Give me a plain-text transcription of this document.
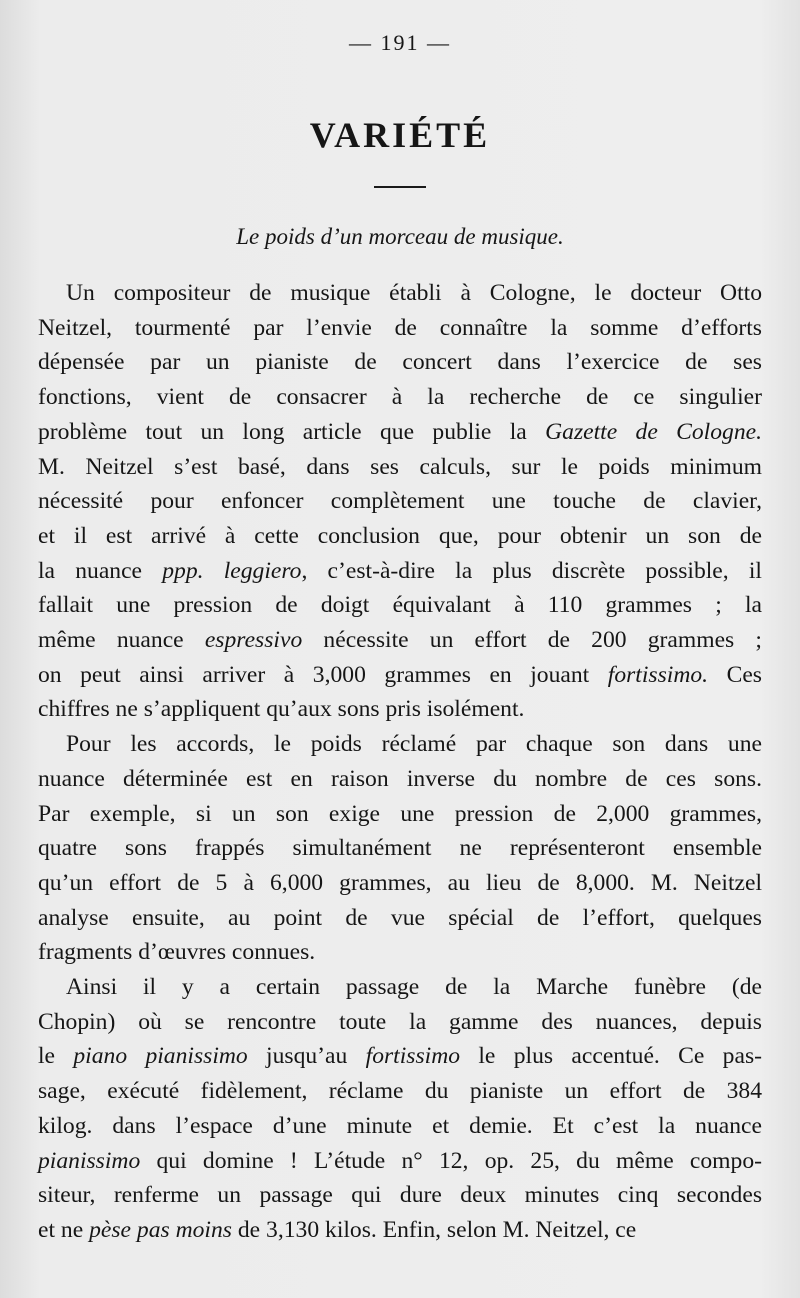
— 191 —
VARIÉTÉ
Le poids d’un morceau de musique.
Un compositeur de musique établi à Cologne, le docteur Otto
Neitzel, tourmenté par l’envie de connaître la somme d’efforts
dépensée par un pianiste de concert dans l’exercice de ses
fonctions, vient de consacrer à la recherche de ce singulier
problème tout un long article que publie la Gazette de Cologne.
M. Neitzel s’est basé, dans ses calculs, sur le poids minimum
nécessité pour enfoncer complètement une touche de clavier,
et il est arrivé à cette conclusion que, pour obtenir un son de
la nuance ppp. leggiero, c’est-à-dire la plus discrète possible, il
fallait une pression de doigt équivalant à 110 grammes ; la
même nuance espressivo nécessite un effort de 200 grammes ;
on peut ainsi arriver à 3,000 grammes en jouant fortissimo. Ces
chiffres ne s’appliquent qu’aux sons pris isolément.
Pour les accords, le poids réclamé par chaque son dans une
nuance déterminée est en raison inverse du nombre de ces sons.
Par exemple, si un son exige une pression de 2,000 grammes,
quatre sons frappés simultanément ne représenteront ensemble
qu’un effort de 5 à 6,000 grammes, au lieu de 8,000. M. Neitzel
analyse ensuite, au point de vue spécial de l’effort, quelques
fragments d’œuvres connues.
Ainsi il y a certain passage de la Marche funèbre (de
Chopin) où se rencontre toute la gamme des nuances, depuis
le piano pianissimo jusqu’au fortissimo le plus accentué. Ce pas-
sage, exécuté fidèlement, réclame du pianiste un effort de 384
kilog. dans l’espace d’une minute et demie. Et c’est la nuance
pianissimo qui domine ! L’étude n° 12, op. 25, du même compo-
siteur, renferme un passage qui dure deux minutes cinq secondes
et ne pèse pas moins de 3,130 kilos. Enfin, selon M. Neitzel, ce
